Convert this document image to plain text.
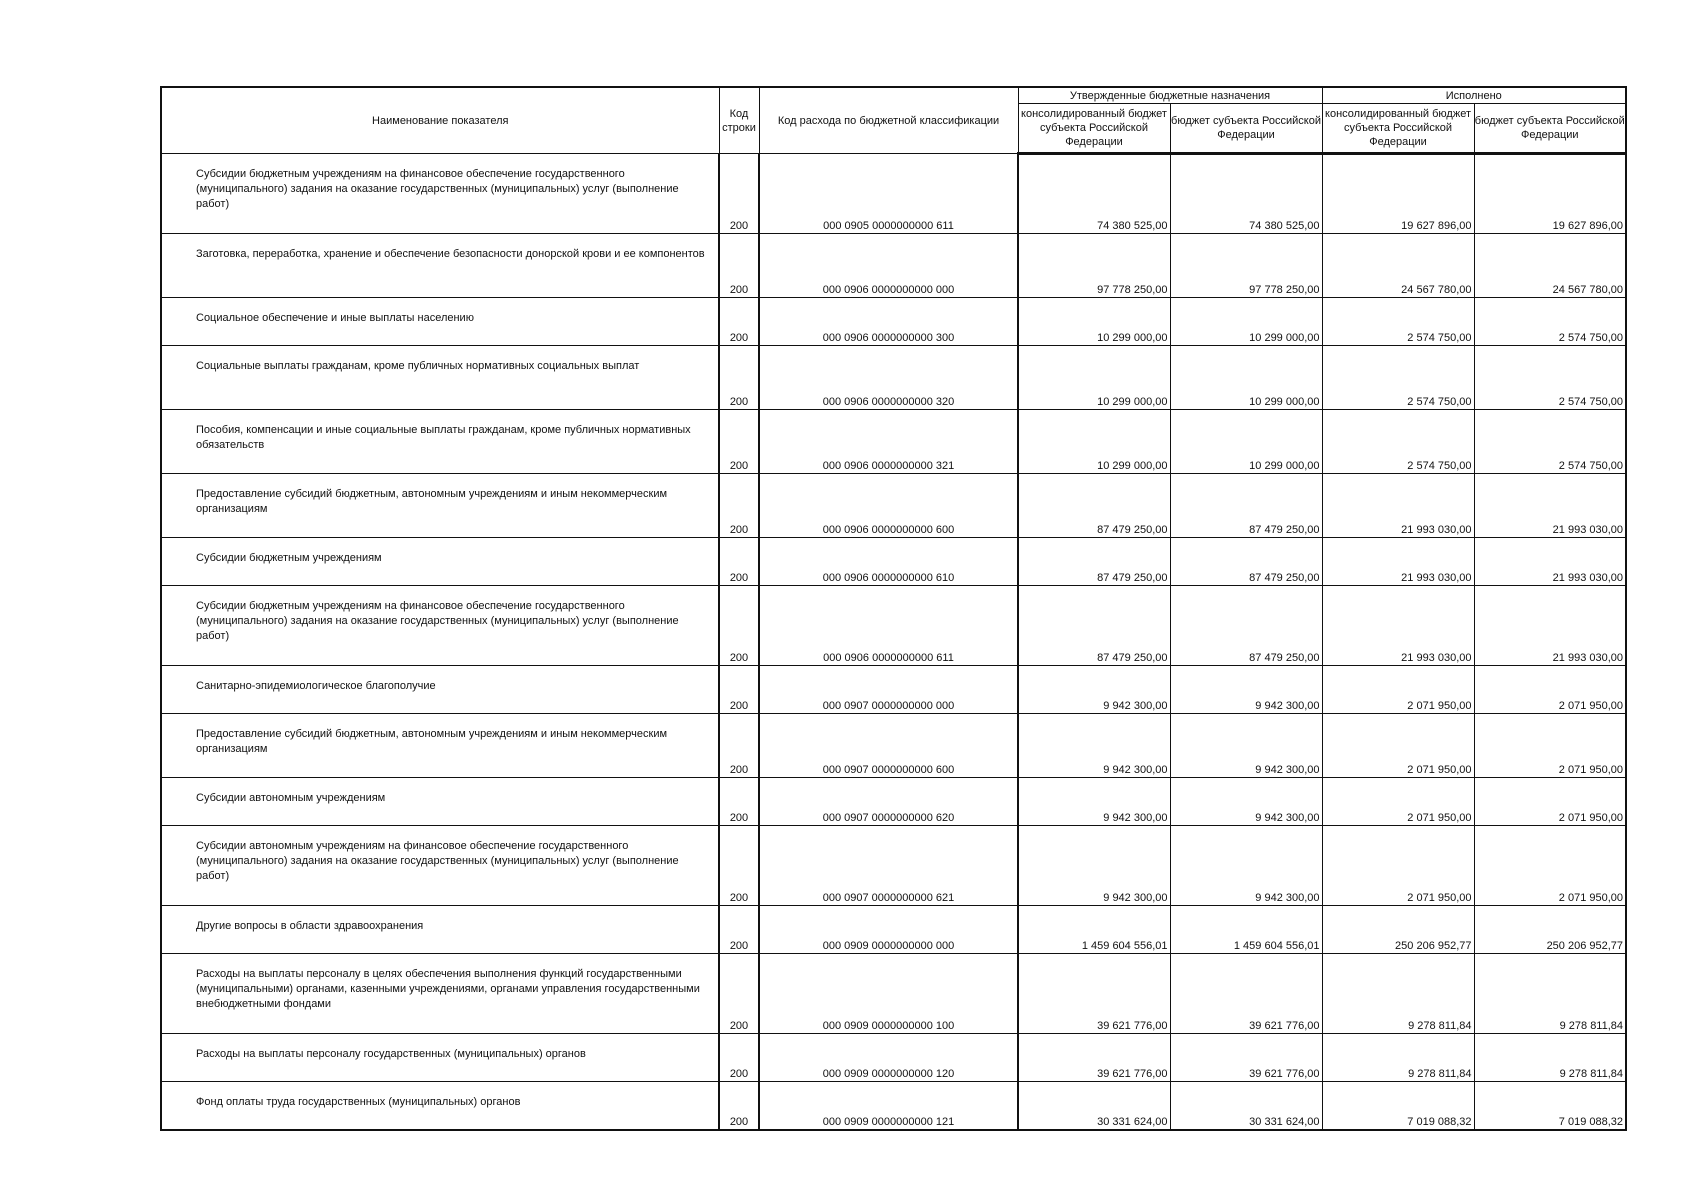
Наименование показателя	Код строки	Код расхода по бюджетной классификации	Утвержденные бюджетные назначения		Исполнено	
			консолидированный бюджет субъекта Российской Федерации	бюджет субъекта Российской Федерации	консолидированный бюджет субъекта Российской Федерации	бюджет субъекта Российской Федерации
Субсидии бюджетным учреждениям на финансовое обеспечение государственного (муниципального) задания на оказание государственных (муниципальных) услуг (выполнение работ)	200	000 0905 0000000000 611	74 380 525,00	74 380 525,00	19 627 896,00	19 627 896,00
Заготовка, переработка, хранение и обеспечение безопасности донорской крови и ее компонентов	200	000 0906 0000000000 000	97 778 250,00	97 778 250,00	24 567 780,00	24 567 780,00
Социальное обеспечение и иные выплаты населению	200	000 0906 0000000000 300	10 299 000,00	10 299 000,00	2 574 750,00	2 574 750,00
Социальные выплаты гражданам, кроме публичных нормативных социальных выплат	200	000 0906 0000000000 320	10 299 000,00	10 299 000,00	2 574 750,00	2 574 750,00
Пособия, компенсации и иные социальные выплаты гражданам, кроме публичных нормативных обязательств	200	000 0906 0000000000 321	10 299 000,00	10 299 000,00	2 574 750,00	2 574 750,00
Предоставление субсидий бюджетным, автономным учреждениям и иным некоммерческим организациям	200	000 0906 0000000000 600	87 479 250,00	87 479 250,00	21 993 030,00	21 993 030,00
Субсидии бюджетным учреждениям	200	000 0906 0000000000 610	87 479 250,00	87 479 250,00	21 993 030,00	21 993 030,00
Субсидии бюджетным учреждениям на финансовое обеспечение государственного (муниципального) задания на оказание государственных (муниципальных) услуг (выполнение работ)	200	000 0906 0000000000 611	87 479 250,00	87 479 250,00	21 993 030,00	21 993 030,00
Санитарно-эпидемиологическое благополучие	200	000 0907 0000000000 000	9 942 300,00	9 942 300,00	2 071 950,00	2 071 950,00
Предоставление субсидий бюджетным, автономным учреждениям и иным некоммерческим организациям	200	000 0907 0000000000 600	9 942 300,00	9 942 300,00	2 071 950,00	2 071 950,00
Субсидии автономным учреждениям	200	000 0907 0000000000 620	9 942 300,00	9 942 300,00	2 071 950,00	2 071 950,00
Субсидии автономным учреждениям на финансовое обеспечение государственного (муниципального) задания на оказание государственных (муниципальных) услуг (выполнение работ)	200	000 0907 0000000000 621	9 942 300,00	9 942 300,00	2 071 950,00	2 071 950,00
Другие вопросы в области здравоохранения	200	000 0909 0000000000 000	1 459 604 556,01	1 459 604 556,01	250 206 952,77	250 206 952,77
Расходы на выплаты персоналу в целях обеспечения выполнения функций государственными (муниципальными) органами, казенными учреждениями, органами управления государственными внебюджетными фондами	200	000 0909 0000000000 100	39 621 776,00	39 621 776,00	9 278 811,84	9 278 811,84
Расходы на выплаты персоналу государственных (муниципальных) органов	200	000 0909 0000000000 120	39 621 776,00	39 621 776,00	9 278 811,84	9 278 811,84
Фонд оплаты труда государственных (муниципальных) органов	200	000 0909 0000000000 121	30 331 624,00	30 331 624,00	7 019 088,32	7 019 088,32
